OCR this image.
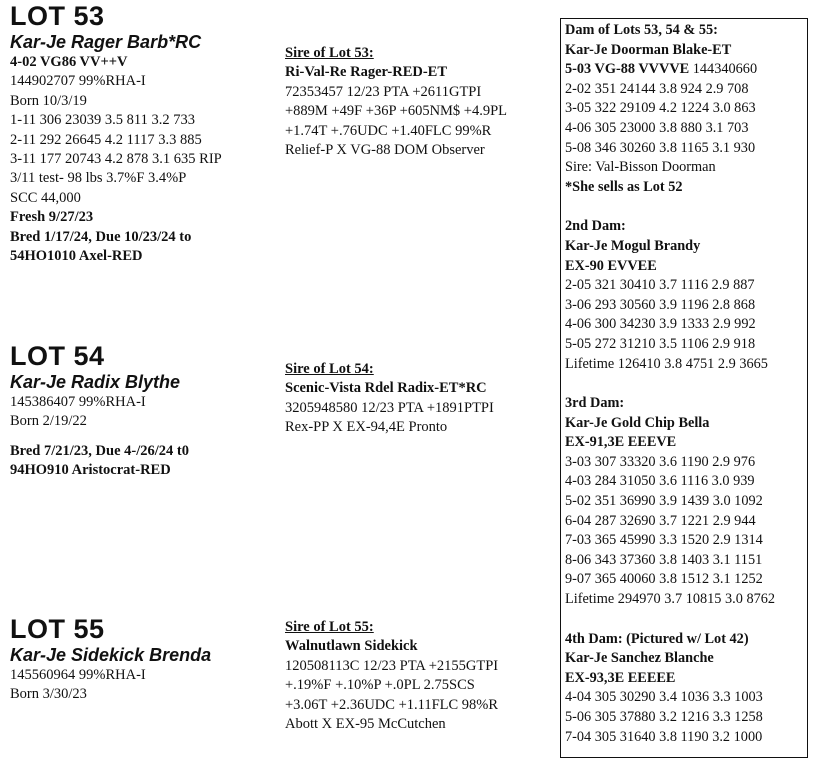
LOT 53
Kar-Je Rager Barb*RC
4-02 VG86 VV++V
144902707 99%RHA-I
Born 10/3/19
1-11 306 23039 3.5 811 3.2 733
2-11 292 26645 4.2 1117 3.3 885
3-11 177 20743 4.2 878 3.1 635 RIP
3/11 test- 98 lbs 3.7%F 3.4%P
SCC 44,000
Fresh 9/27/23
Bred 1/17/24, Due 10/23/24 to
54HO1010 Axel-RED
LOT 54
Kar-Je Radix Blythe
145386407 99%RHA-I
Born 2/19/22
Bred 7/21/23, Due 4-/26/24 t0
94HO910 Aristocrat-RED
LOT 55
Kar-Je Sidekick Brenda
145560964 99%RHA-I
Born 3/30/23
Sire of Lot 53:
Ri-Val-Re Rager-RED-ET
72353457 12/23 PTA +2611GTPI
+889M +49F +36P +605NM$ +4.9PL
+1.74T +.76UDC +1.40FLC 99%R
Relief-P X VG-88 DOM Observer
Sire of Lot 54:
Scenic-Vista Rdel Radix-ET*RC
3205948580 12/23 PTA +1891PTPI
Rex-PP X EX-94,4E Pronto
Sire of Lot 55:
Walnutlawn Sidekick
120508113C 12/23 PTA +2155GTPI
+.19%F +.10%P +.0PL 2.75SCS
+3.06T +2.36UDC +1.11FLC 98%R
Abott X EX-95 McCutchen
Dam of Lots 53, 54 & 55:
Kar-Je Doorman Blake-ET
5-03 VG-88 VVVVE 144340660
2-02 351 24144 3.8 924 2.9 708
3-05 322 29109 4.2 1224 3.0 863
4-06 305 23000 3.8 880 3.1 703
5-08 346 30260 3.8 1165 3.1 930
Sire: Val-Bisson Doorman
*She sells as Lot 52
2nd Dam:
Kar-Je Mogul Brandy
EX-90 EVVEE
2-05 321 30410 3.7 1116 2.9 887
3-06 293 30560 3.9 1196 2.8 868
4-06 300 34230 3.9 1333 2.9 992
5-05 272 31210 3.5 1106 2.9 918
Lifetime 126410 3.8 4751 2.9 3665
3rd Dam:
Kar-Je Gold Chip Bella
EX-91,3E EEEVE
3-03 307 33320 3.6 1190 2.9 976
4-03 284 31050 3.6 1116 3.0 939
5-02 351 36990 3.9 1439 3.0 1092
6-04 287 32690 3.7 1221 2.9 944
7-03 365 45990 3.3 1520 2.9 1314
8-06 343 37360 3.8 1403 3.1 1151
9-07 365 40060 3.8 1512 3.1 1252
Lifetime 294970 3.7 10815 3.0 8762
4th Dam: (Pictured w/ Lot 42)
Kar-Je Sanchez Blanche
EX-93,3E EEEEE
4-04 305 30290 3.4 1036 3.3 1003
5-06 305 37880 3.2 1216 3.3 1258
7-04 305 31640 3.8 1190 3.2 1000
